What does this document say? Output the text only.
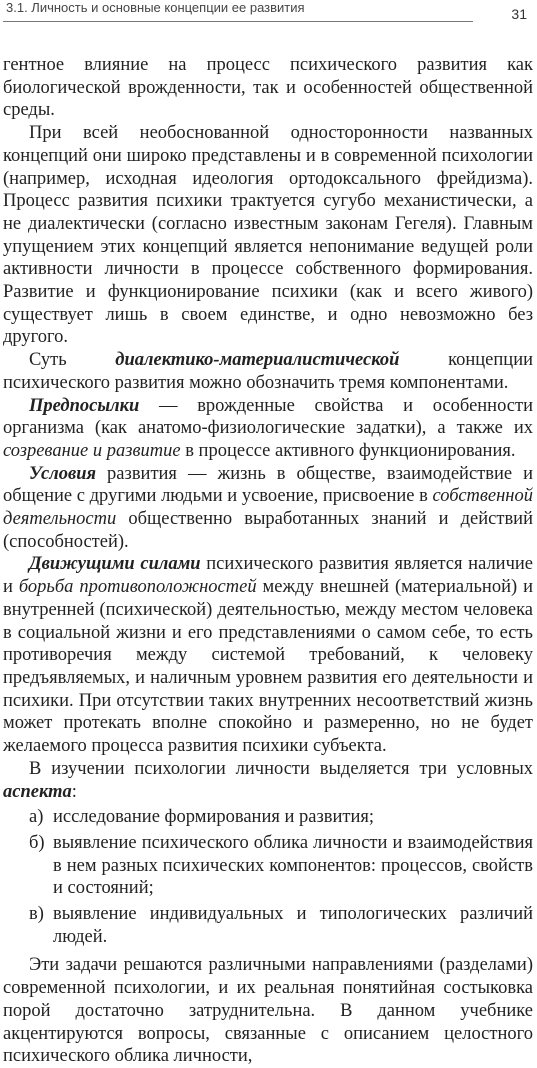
3.1. Личность и основные концепции ее развития	31

гентное влияние на процесс психического развития как биологической врожденности, так и особенностей общественной среды.

При всей необоснованной односторонности названных концепций они широко представлены и в современной психологии (например, исходная идеология ортодоксального фрейдизма). Процесс развития психики трактуется сугубо механистически, а не диалектически (согласно известным законам Гегеля). Главным упущением этих концепций является непонимание ведущей роли активности личности в процессе собственного формирования. Развитие и функционирование психики (как и всего живого) существует лишь в своем единстве, и одно невозможно без другого.

Суть диалектико-материалистической концепции психического развития можно обозначить тремя компонентами.

Предпосылки — врожденные свойства и особенности организма (как анатомо-физиологические задатки), а также их созревание и развитие в процессе активного функционирования.

Условия развития — жизнь в обществе, взаимодействие и общение с другими людьми и усвоение, присвоение в собственной деятельности общественно выработанных знаний и действий (способностей).

Движущими силами психического развития является наличие и борьба противоположностей между внешней (материальной) и внутренней (психической) деятельностью, между местом человека в социальной жизни и его представлениями о самом себе, то есть противоречия между системой требований, к человеку предъявляемых, и наличным уровнем развития его деятельности и психики. При отсутствии таких внутренних несоответствий жизнь может протекать вполне спокойно и размеренно, но не будет желаемого процесса развития психики субъекта.

В изучении психологии личности выделяется три условных аспекта:

а) исследование формирования и развития;
б) выявление психического облика личности и взаимодействия в нем разных психических компонентов: процессов, свойств и состояний;
в) выявление индивидуальных и типологических различий людей.

Эти задачи решаются различными направлениями (разделами) современной психологии, и их реальная понятийная состыковка порой достаточно затруднительна. В данном учебнике акцентируются вопросы, связанные с описанием целостного психического облика личности,
